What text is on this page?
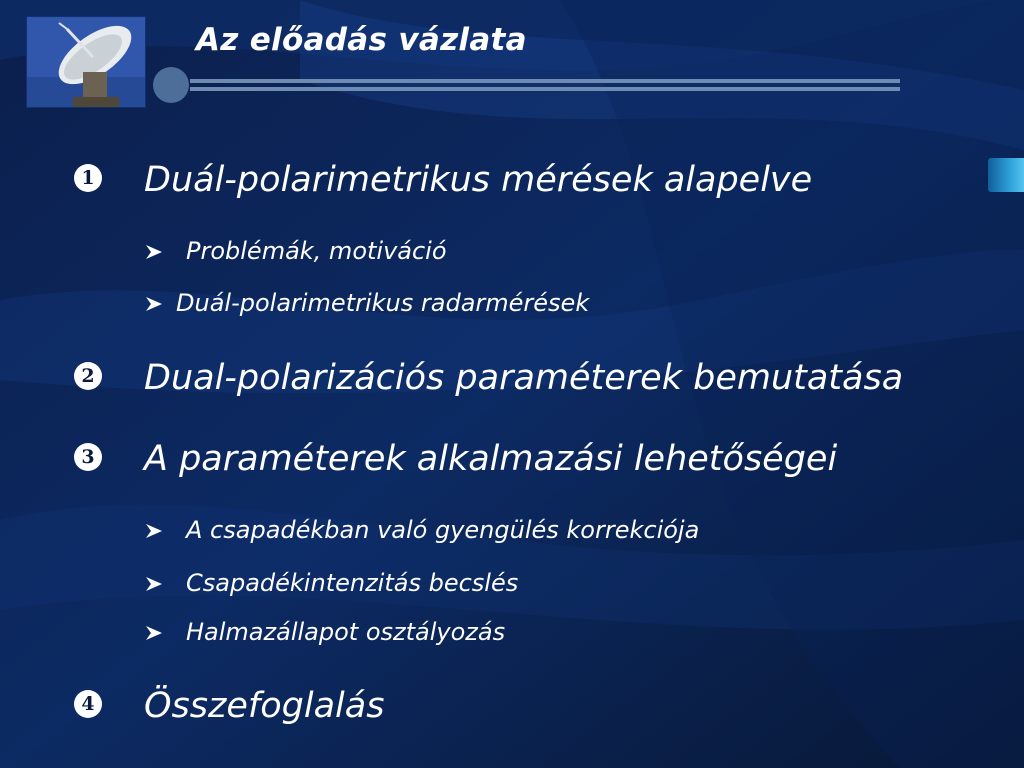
Az előadás vázlata
1 Duál-polarimetrikus mérések alapelve

Problémák, motiváció

Duál-polarimetrikus radarmérések

2 Dual-polarizációs paraméterek bemutatása

3 A paraméterek alkalmazási lehetőségei

A csapadékban való gyengülés korrekciója

Csapadékintenzitás becslés

Halmazállapot osztályozás

4 Összefoglalás
